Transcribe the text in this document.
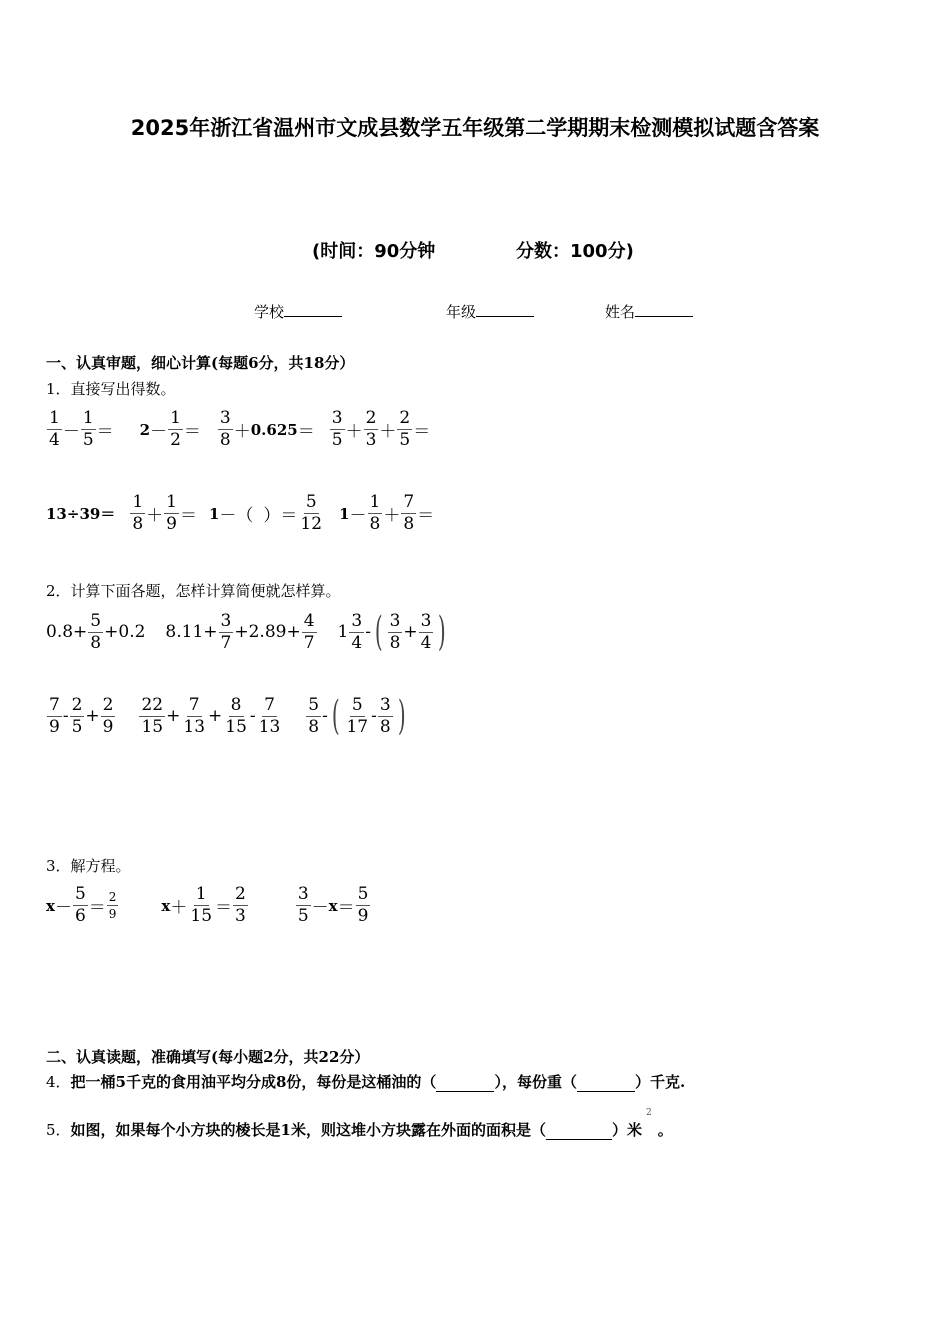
2025年浙江省温州市文成县数学五年级第二学期期末检测模拟试题含答案
(时间：90分钟	分数：100分)
学校	年级	姓名
一、认真审题，细心计算(每题6分，共18分）
1．直接写出得数。
$\frac{1}{4} - \frac{1}{5} = 2 - \frac{1}{2} = \frac{3}{8} + 0.625 = \frac{3}{5} + \frac{2}{3} + \frac{2}{5}$ ＝
$13\div 39= \frac{1}{8} + \frac{1}{9} = 1$ － （ ） ＝ $\frac{5}{12} 1 - \frac{1}{8} + \frac{7}{8}$ ＝
2．计算下面各题，怎样计算简便就怎样算。
$0.8 + \frac{5}{8} + 0.2$ $8.11 + \frac{3}{7} + 2.89 + \frac{4}{7} 1 \frac{3}{4}$ - ( $\frac{3}{8} + \frac{3}{4}$ )
$\frac{7}{9} - \frac{2}{5} + \frac{2}{9} \frac{22}{15} + \frac{7}{13} + \frac{8}{15} - \frac{7}{13} \frac{5}{8}$ - ( $\frac{5}{17} - \frac{3}{8}$ )
3．解方程。
$x - \frac{5}{6} = \frac{2}{9}$	$x + \frac{1}{15} = \frac{2}{3}$	$\frac{3}{5} - x = \frac{5}{9}$
二、认真读题，准确填写(每小题2分，共22分）
4．把一桶5千克的食用油平均分成8份，每份是这桶油的（	），每份重（	）千克.
5．如图，如果每个小方块的棱长是1米，则这堆小方块露在外面的面积是（	）米$^2$。
